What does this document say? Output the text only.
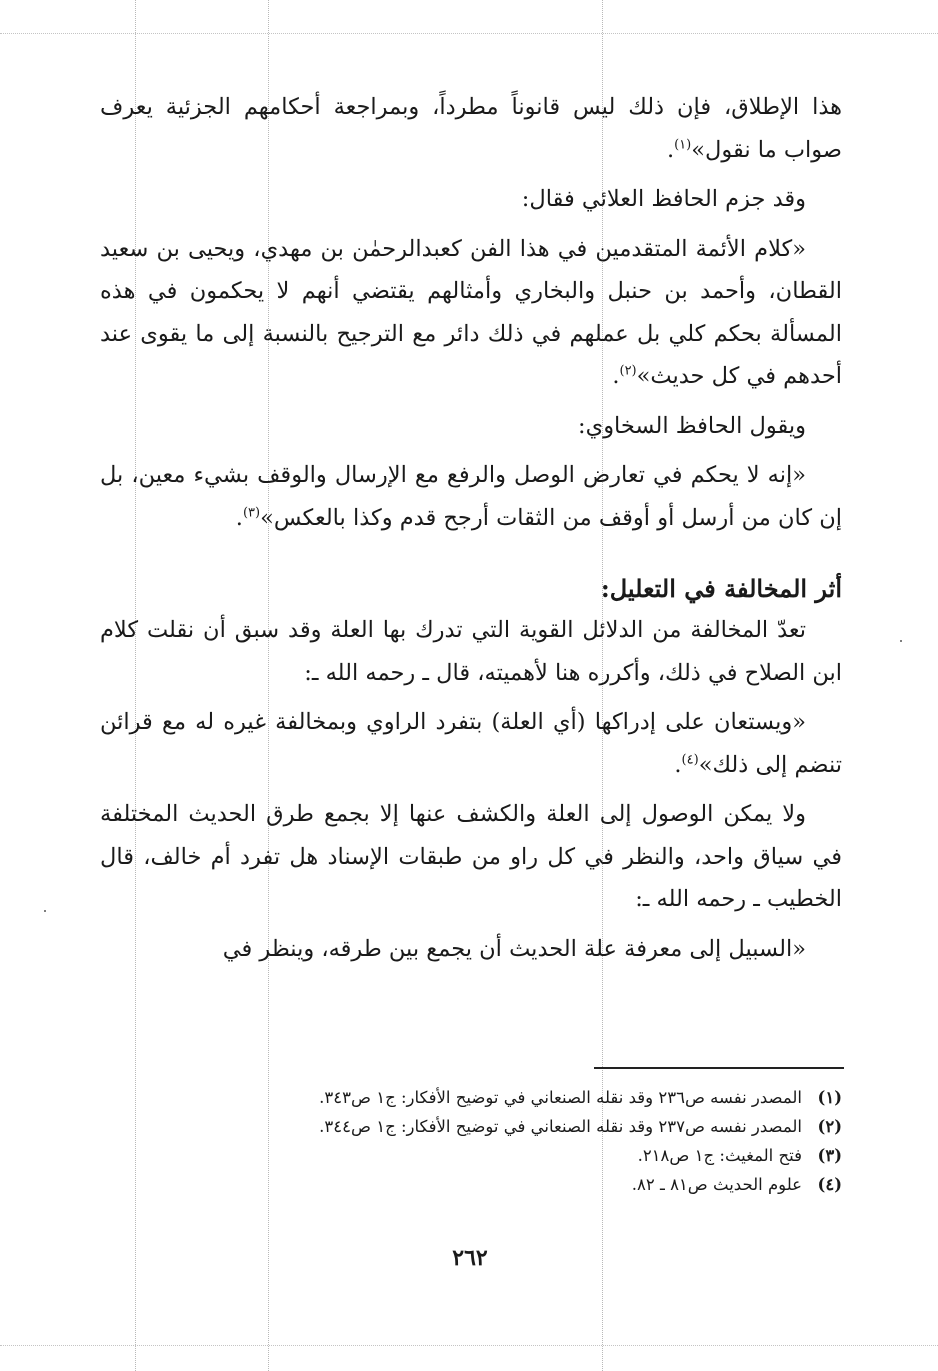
هذا الإطلاق، فإن ذلك ليس قانوناً مطرداً، وبمراجعة أحكامهم الجزئية يعرف صواب ما نقول»$^{(١)}$.

وقد جزم الحافظ العلائي فقال:

«كلام الأئمة المتقدمين في هذا الفن كعبدالرحمٰن بن مهدي، ويحيى بن سعيد القطان، وأحمد بن حنبل والبخاري وأمثالهم يقتضي أنهم لا يحكمون في هذه المسألة بحكم كلي بل عملهم في ذلك دائر مع الترجيح بالنسبة إلى ما يقوى عند أحدهم في كل حديث»$^{(٢)}$.

ويقول الحافظ السخاوي:

«إنه لا يحكم في تعارض الوصل والرفع مع الإرسال والوقف بشيء معين، بل إن كان من أرسل أو أوقف من الثقات أرجح قدم وكذا بالعكس»$^{(٣)}$.

أثر المخالفة في التعليل:

تعدّ المخالفة من الدلائل القوية التي تدرك بها العلة وقد سبق أن نقلت كلام ابن الصلاح في ذلك، وأكرره هنا لأهميته، قال ـ رحمه الله ـ:

«ويستعان على إدراكها (أي العلة) بتفرد الراوي وبمخالفة غيره له مع قرائن تنضم إلى ذلك»$^{(٤)}$.

ولا يمكن الوصول إلى العلة والكشف عنها إلا بجمع طرق الحديث المختلفة في سياق واحد، والنظر في كل راو من طبقات الإسناد هل تفرد أم خالف، قال الخطيب ـ رحمه الله ـ:

«السبيل إلى معرفة علة الحديث أن يجمع بين طرقه، وينظر في

(١)المصدر نفسه ص٢٣٦ وقد نقله الصنعاني في توضيح الأفكار: ج١ ص٣٤٣.

(٢)المصدر نفسه ص٢٣٧ وقد نقله الصنعاني في توضيح الأفكار: ج١ ص٣٤٤.

(٣)فتح المغيث: ج١ ص٢١٨.

(٤)علوم الحديث ص٨١ ـ ٨٢.

٢٦٢
